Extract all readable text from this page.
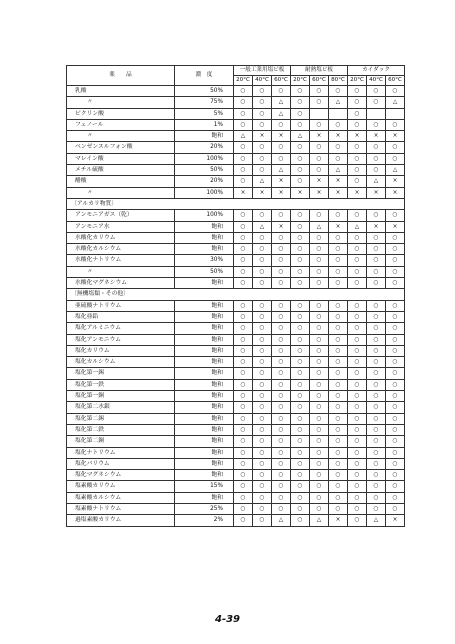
薬　　品	濃　度	一般工業用塩ビ板			耐熱塩ビ板			カイダック		
		20°C	40°C	60°C	20°C	60°C	80°C	20°C	40°C	60°C
乳酸	50%	○	○	○	○	○	○	○	○	○
〃	75%	○	○	△	○	○	△	○	○	△
ピクリン酸	5%	○	○	△	○			○		
フェノール	1%	○	○	○	○	○	○	○	○	○
〃	飽和	△	×	×	△	×	×	×	×	×
ベンゼンスルフォン酸	20%	○	○	○	○	○	○	○	○	○
マレイン酸	100%	○	○	○	○	○	○	○	○	○
メチル硫酸	50%	○	○	△	○	○	△	○	○	△
醋酸	20%	○	△	×	○	×	×	○	△	×
〃	100%	×	×	×	×	×	×	×	×	×
〔アルカリ物質〕										
アンモニアガス（乾）	100%	○	○	○	○	○	○	○	○	○
アンモニア水	飽和	○	△	×	○	△	×	△	×	×
水酸化カリウム	飽和	○	○	○	○	○	○	○	○	○
水酸化カルシウム	飽和	○	○	○	○	○	○	○	○	○
水酸化ナトリウム	30%	○	○	○	○	○	○	○	○	○
〃	50%	○	○	○	○	○	○	○	○	○
水酸化マグネシウム	飽和	○	○	○	○	○	○	○	○	○
〔無機塩類・その他〕										
亜硫酸ナトリウム	飽和	○	○	○	○	○	○	○	○	○
塩化亜鉛	飽和	○	○	○	○	○	○	○	○	○
塩化アルミニウム	飽和	○	○	○	○	○	○	○	○	○
塩化アンモニウム	飽和	○	○	○	○	○	○	○	○	○
塩化カリウム	飽和	○	○	○	○	○	○	○	○	○
塩化カルシウム	飽和	○	○	○	○	○	○	○	○	○
塩化第一錫	飽和	○	○	○	○	○	○	○	○	○
塩化第一鉄	飽和	○	○	○	○	○	○	○	○	○
塩化第一銅	飽和	○	○	○	○	○	○	○	○	○
塩化第二水銀	飽和	○	○	○	○	○	○	○	○	○
塩化第二錫	飽和	○	○	○	○	○	○	○	○	○
塩化第二鉄	飽和	○	○	○	○	○	○	○	○	○
塩化第二銅	飽和	○	○	○	○	○	○	○	○	○
塩化ナトリウム	飽和	○	○	○	○	○	○	○	○	○
塩化バリウム	飽和	○	○	○	○	○	○	○	○	○
塩化マグネシウム	飽和	○	○	○	○	○	○	○	○	○
塩素酸カリウム	15%	○	○	○	○	○	○	○	○	○
塩素酸カルシウム	飽和	○	○	○	○	○	○	○	○	○
塩素酸ナトリウム	25%	○	○	○	○	○	○	○	○	○
過塩素酸カリウム	2%	○	○	△	○	△	×	○	△	×
4-39
